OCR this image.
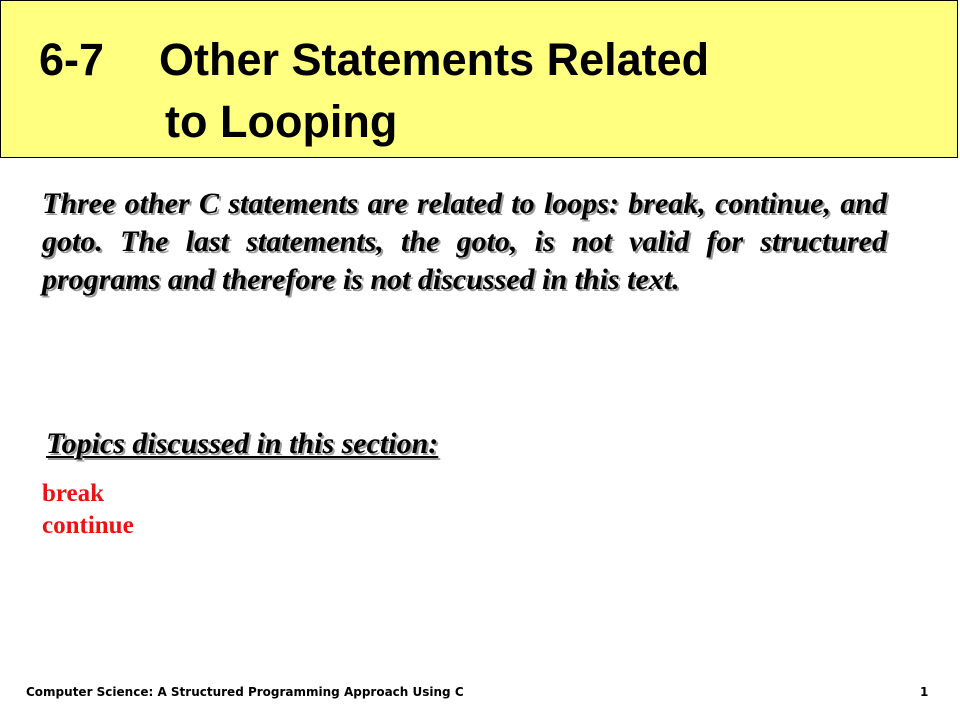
6-7 Other Statements Related
to Looping

Three other C statements are related to loops: break, continue, and goto. The last statements, the goto, is not valid for structured programs and therefore is not discussed in this text.

Topics discussed in this section:
break
continue
Computer Science: A Structured Programming Approach Using C	1
